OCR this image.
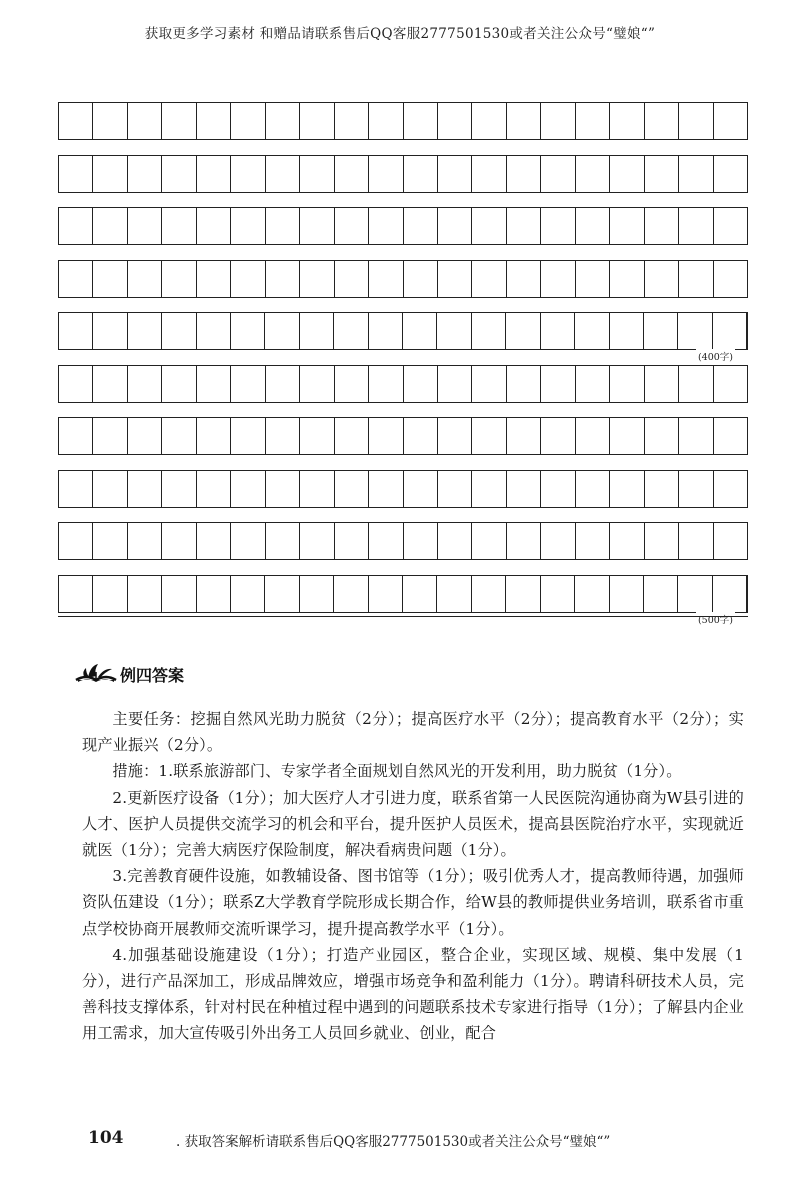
获取更多学习素材 和赠品请联系售后QQ客服2777501530或者关注公众号“璧娘“”
(400字)
(500字)
例四答案

主要任务：挖掘自然风光助力脱贫（2分）；提高医疗水平（2分）；提高教育水平（2分）；实现产业振兴（2分）。

措施：1.联系旅游部门、专家学者全面规划自然风光的开发利用，助力脱贫（1分）。

2.更新医疗设备（1分）；加大医疗人才引进力度，联系省第一人民医院沟通协商为W县引进的人才、医护人员提供交流学习的机会和平台，提升医护人员医术，提高县医院治疗水平，实现就近就医（1分）；完善大病医疗保险制度，解决看病贵问题（1分）。

3.完善教育硬件设施，如教辅设备、图书馆等（1分）；吸引优秀人才，提高教师待遇，加强师资队伍建设（1分）；联系Z大学教育学院形成长期合作，给W县的教师提供业务培训，联系省市重点学校协商开展教师交流听课学习，提升提高教学水平（1分）。

4.加强基础设施建设（1分）；打造产业园区，整合企业，实现区域、规模、集中发展（1分），进行产品深加工，形成品牌效应，增强市场竞争和盈利能力（1分）。聘请科研技术人员，完善科技支撑体系，针对村民在种植过程中遇到的问题联系技术专家进行指导（1分）；了解县内企业用工需求，加大宣传吸引外出务工人员回乡就业、创业，配合

104	. 获取答案解析请联系售后QQ客服2777501530或者关注公众号“璧娘“”
